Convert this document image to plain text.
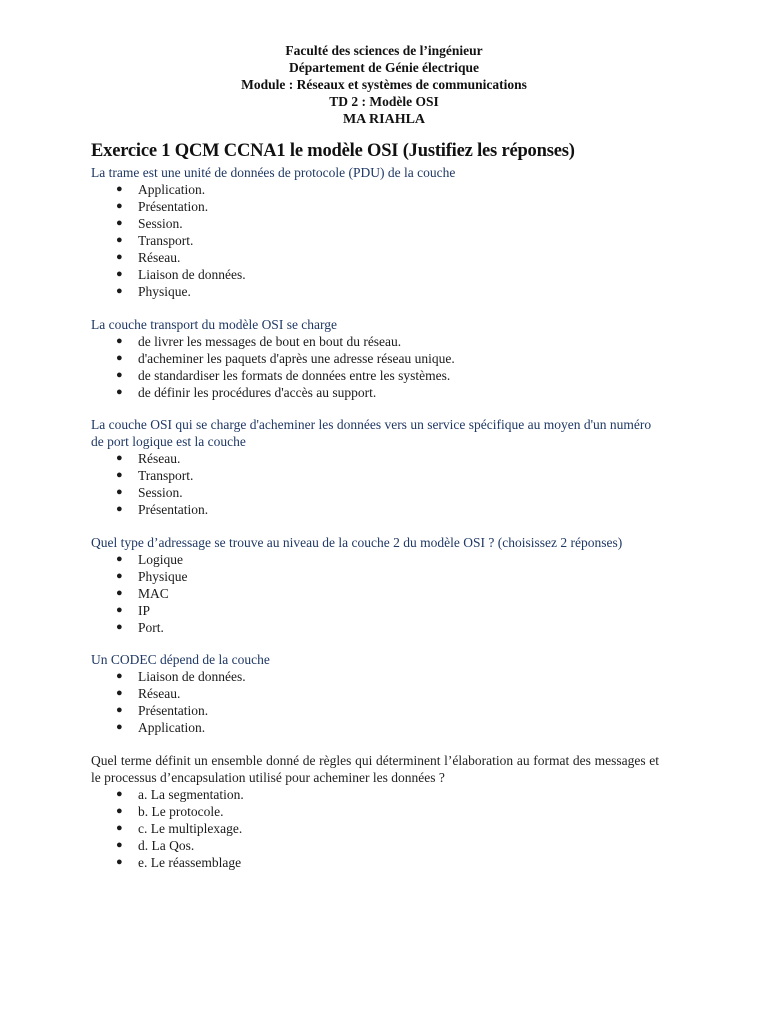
Faculté des sciences de l’ingénieur
Département de Génie électrique
Module : Réseaux et systèmes de communications
TD 2 : Modèle OSI
MA RIAHLA
Exercice 1 QCM CCNA1 le modèle OSI (Justifiez les réponses)

La trame est une unité de données de protocole (PDU) de la couche

● Application.
● Présentation.
● Session.
● Transport.
● Réseau.
● Liaison de données.
● Physique.

La couche transport du modèle OSI se charge

● de livrer les messages de bout en bout du réseau.
● d'acheminer les paquets d'après une adresse réseau unique.
● de standardiser les formats de données entre les systèmes.
● de définir les procédures d'accès au support.

La couche OSI qui se charge d'acheminer les données vers un service spécifique au moyen d'un numéro de port logique est la couche

● Réseau.
● Transport.
● Session.
● Présentation.

Quel type d’adressage se trouve au niveau de la couche 2 du modèle OSI ? (choisissez 2 réponses)

● Logique
● Physique
● MAC
● IP
● Port.

Un CODEC dépend de la couche

● Liaison de données.
● Réseau.
● Présentation.
● Application.

Quel terme définit un ensemble donné de règles qui déterminent l’élaboration au format des messages et le processus d’encapsulation utilisé pour acheminer les données ?

● a. La segmentation.
● b. Le protocole.
● c. Le multiplexage.
● d. La Qos.
● e. Le réassemblage
